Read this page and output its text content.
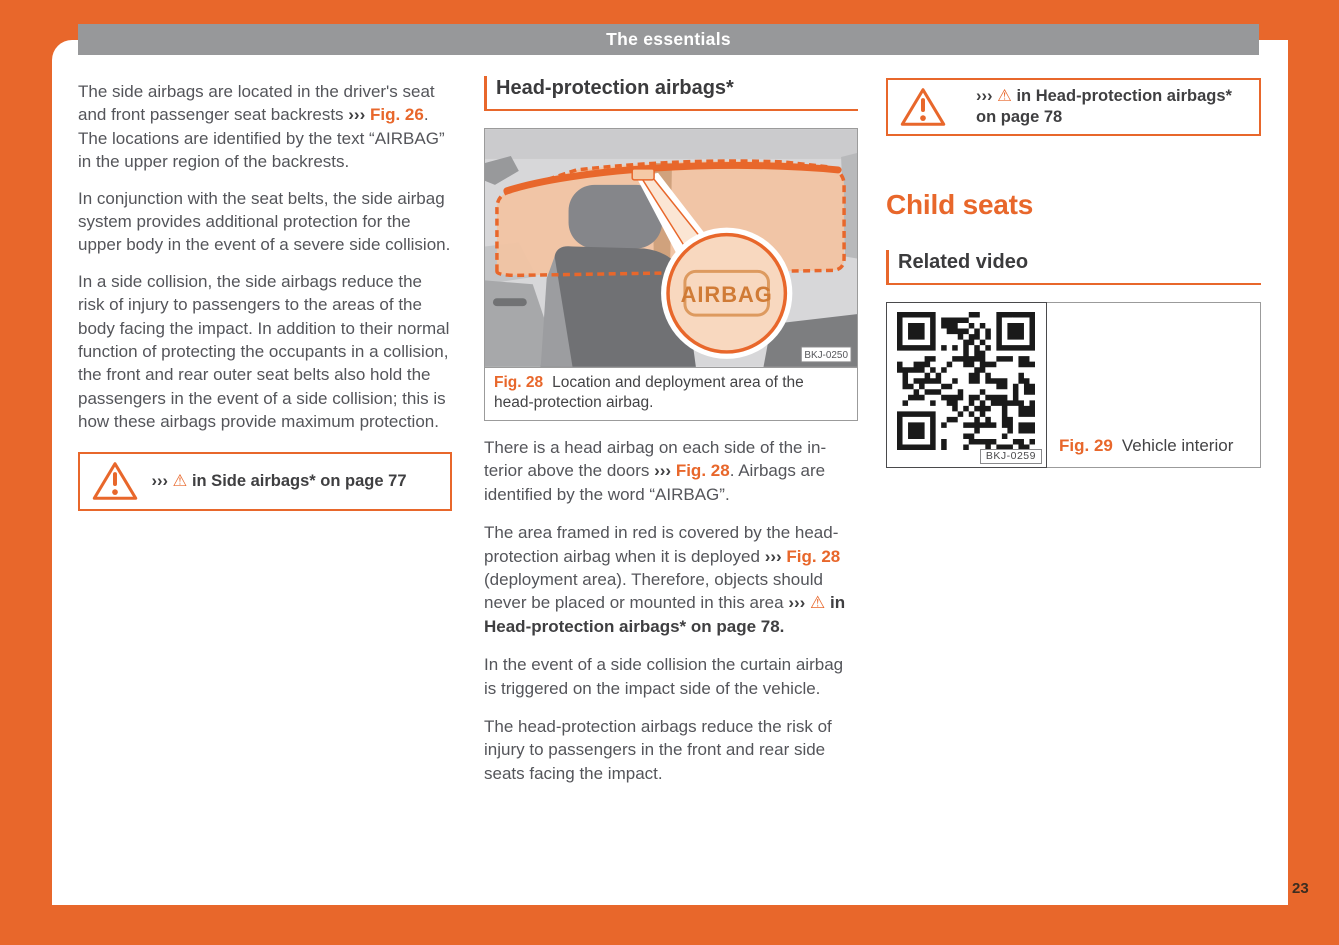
The essentials

The side airbags are located in the driver's seat and front passenger seat backrests ››› Fig. 26. The locations are identified by the text “AIRBAG” in the upper region of the backrests.

In conjunction with the seat belts, the side airbag system provides additional protection for the upper body in the event of a severe side collision.

In a side collision, the side airbags reduce the risk of injury to passengers to the areas of the body facing the impact. In addition to their normal function of protecting the occupants in a collision, the front and rear outer seat belts also hold the passengers in the event of a side collision; this is how these airbags provide maximum protection.

››› ⚠ in Side airbags* on page 77

Head-protection airbags*
AIRBAG
BKJ-0250
Fig. 28 Location and deployment area of the head-protection airbag.

There is a head airbag on each side of the interior above the doors ››› Fig. 28. Airbags are identified by the word “AIRBAG”.

The area framed in red is covered by the head-protection airbag when it is deployed ››› Fig. 28 (deployment area). Therefore, objects should never be placed or mounted in this area ››› ⚠ in Head-protection airbags* on page 78.

In the event of a side collision the curtain airbag is triggered on the impact side of the vehicle.

The head-protection airbags reduce the risk of injury to passengers in the front and rear side seats facing the impact.

››› ⚠ in Head-protection airbags* on page 78

Child seats
Related video
BKJ-0259
Fig. 29 Vehicle interior
23
